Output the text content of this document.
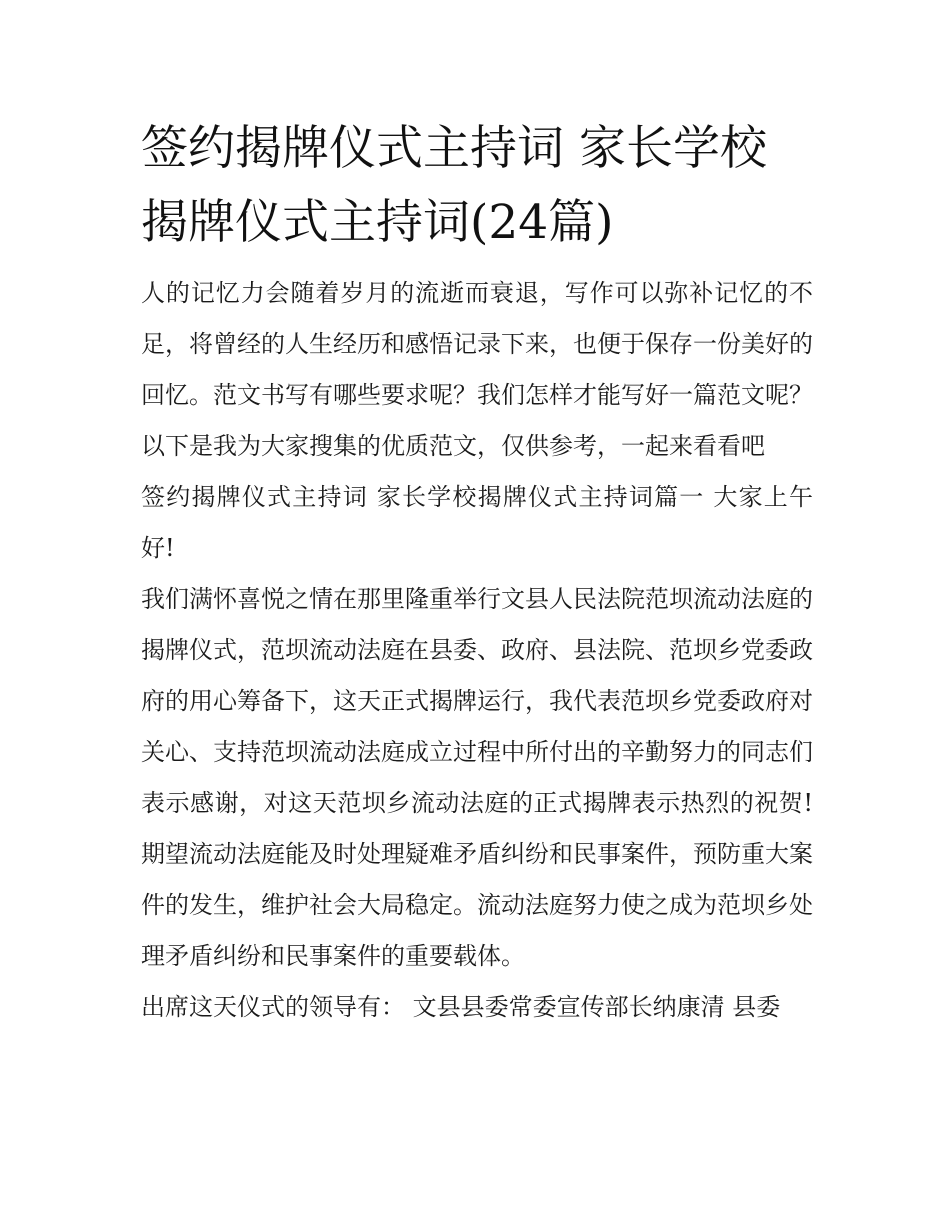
签约揭牌仪式主持词 家长学校揭牌仪式主持词(24篇)

人的记忆力会随着岁月的流逝而衰退，写作可以弥补记忆的不足，将曾经的人生经历和感悟记录下来，也便于保存一份美好的回忆。范文书写有哪些要求呢？我们怎样才能写好一篇范文呢？以下是我为大家搜集的优质范文，仅供参考，一起来看看吧

签约揭牌仪式主持词 家长学校揭牌仪式主持词篇一 大家上午好!

我们满怀喜悦之情在那里隆重举行文县人民法院范坝流动法庭的揭牌仪式，范坝流动法庭在县委、政府、县法院、范坝乡党委政府的用心筹备下，这天正式揭牌运行，我代表范坝乡党委政府对关心、支持范坝流动法庭成立过程中所付出的辛勤努力的同志们表示感谢，对这天范坝乡流动法庭的正式揭牌表示热烈的祝贺!期望流动法庭能及时处理疑难矛盾纠纷和民事案件，预防重大案件的发生，维护社会大局稳定。流动法庭努力使之成为范坝乡处理矛盾纠纷和民事案件的重要载体。

出席这天仪式的领导有： 文县县委常委宣传部长纳康清 县委
